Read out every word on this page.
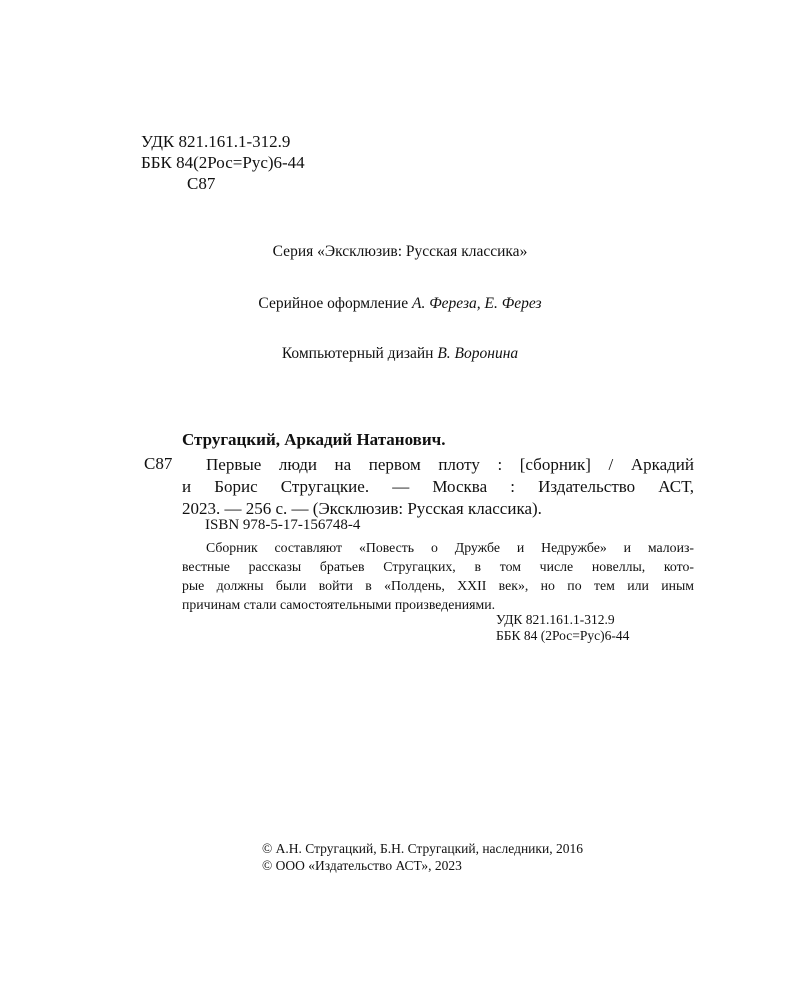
УДК 821.161.1-312.9
ББК 84(2Рос=Рус)6-44
С87
Серия «Эксклюзив: Русская классика»
Серийное оформление А. Фереза, Е. Ферез
Компьютерный дизайн В. Воронина
Стругацкий, Аркадий Натанович.
С87	Первые люди на первом плоту : [сборник] / Аркадий
и Борис Стругацкие. — Москва : Издательство АСТ,
2023. — 256 с. — (Эксклюзив: Русская классика).
ISBN 978-5-17-156748-4
Сборник составляют «Повесть о Дружбе и Недружбе» и малоиз-
вестные рассказы братьев Стругацких, в том числе новеллы, кото-
рые должны были войти в «Полдень, XXII век», но по тем или иным
причинам стали самостоятельными произведениями.
УДК 821.161.1-312.9
ББК 84 (2Рос=Рус)6-44
© А.Н. Стругацкий, Б.Н. Стругацкий, наследники, 2016
© ООО «Издательство АСТ», 2023
